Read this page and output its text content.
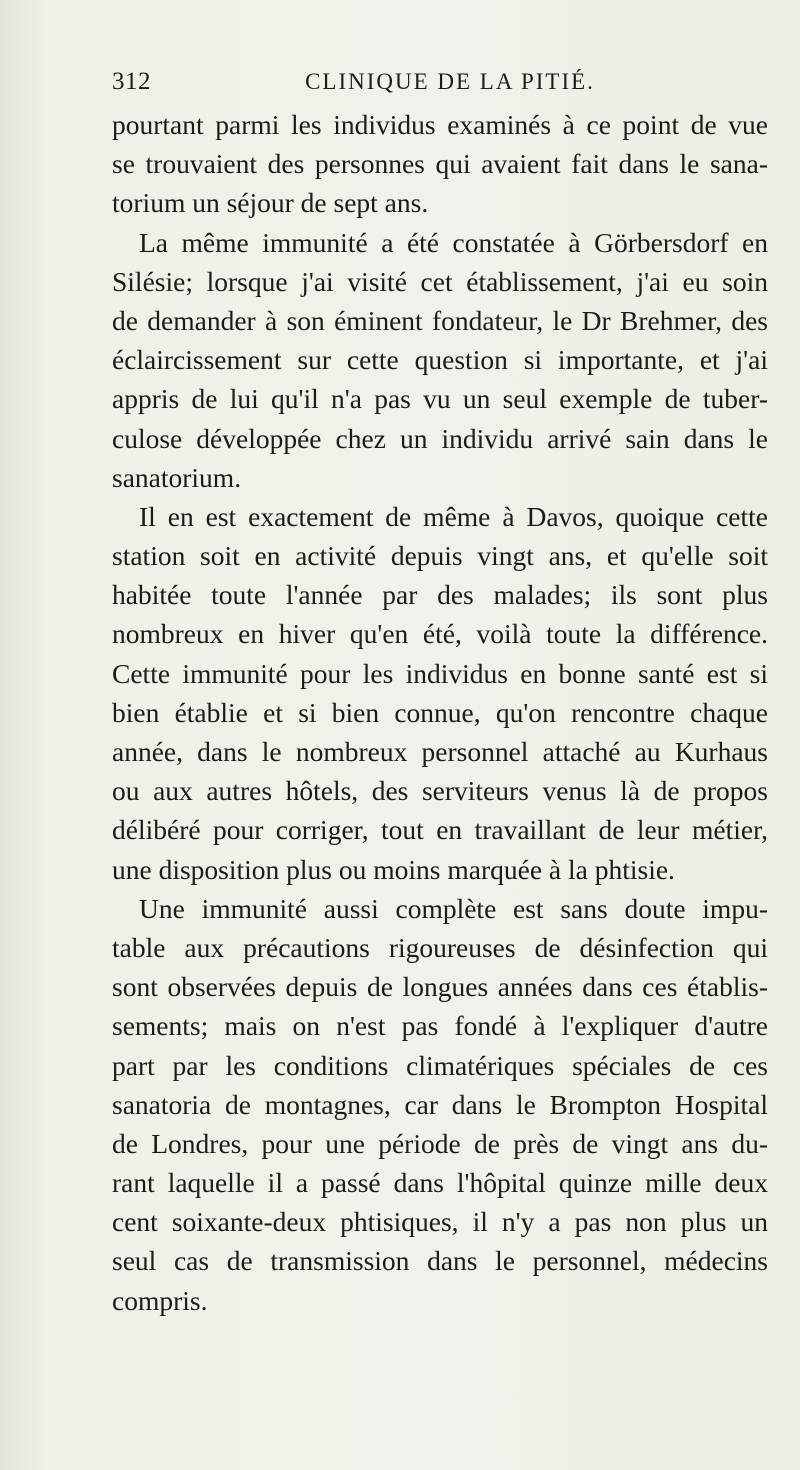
312	CLINIQUE DE LA PITIÉ.
pourtant parmi les individus examinés à ce point de vue
se trouvaient des personnes qui avaient fait dans le sana-
torium un séjour de sept ans.
La même immunité a été constatée à Görbersdorf en
Silésie; lorsque j'ai visité cet établissement, j'ai eu soin
de demander à son éminent fondateur, le Dr Brehmer, des
éclaircissement sur cette question si importante, et j'ai
appris de lui qu'il n'a pas vu un seul exemple de tuber-
culose développée chez un individu arrivé sain dans le
sanatorium.
Il en est exactement de même à Davos, quoique cette
station soit en activité depuis vingt ans, et qu'elle soit
habitée toute l'année par des malades; ils sont plus
nombreux en hiver qu'en été, voilà toute la différence.
Cette immunité pour les individus en bonne santé est si
bien établie et si bien connue, qu'on rencontre chaque
année, dans le nombreux personnel attaché au Kurhaus
ou aux autres hôtels, des serviteurs venus là de propos
délibéré pour corriger, tout en travaillant de leur métier,
une disposition plus ou moins marquée à la phtisie.
Une immunité aussi complète est sans doute impu-
table aux précautions rigoureuses de désinfection qui
sont observées depuis de longues années dans ces établis-
sements; mais on n'est pas fondé à l'expliquer d'autre
part par les conditions climatériques spéciales de ces
sanatoria de montagnes, car dans le Brompton Hospital
de Londres, pour une période de près de vingt ans du-
rant laquelle il a passé dans l'hôpital quinze mille deux
cent soixante-deux phtisiques, il n'y a pas non plus un
seul cas de transmission dans le personnel, médecins
compris.
